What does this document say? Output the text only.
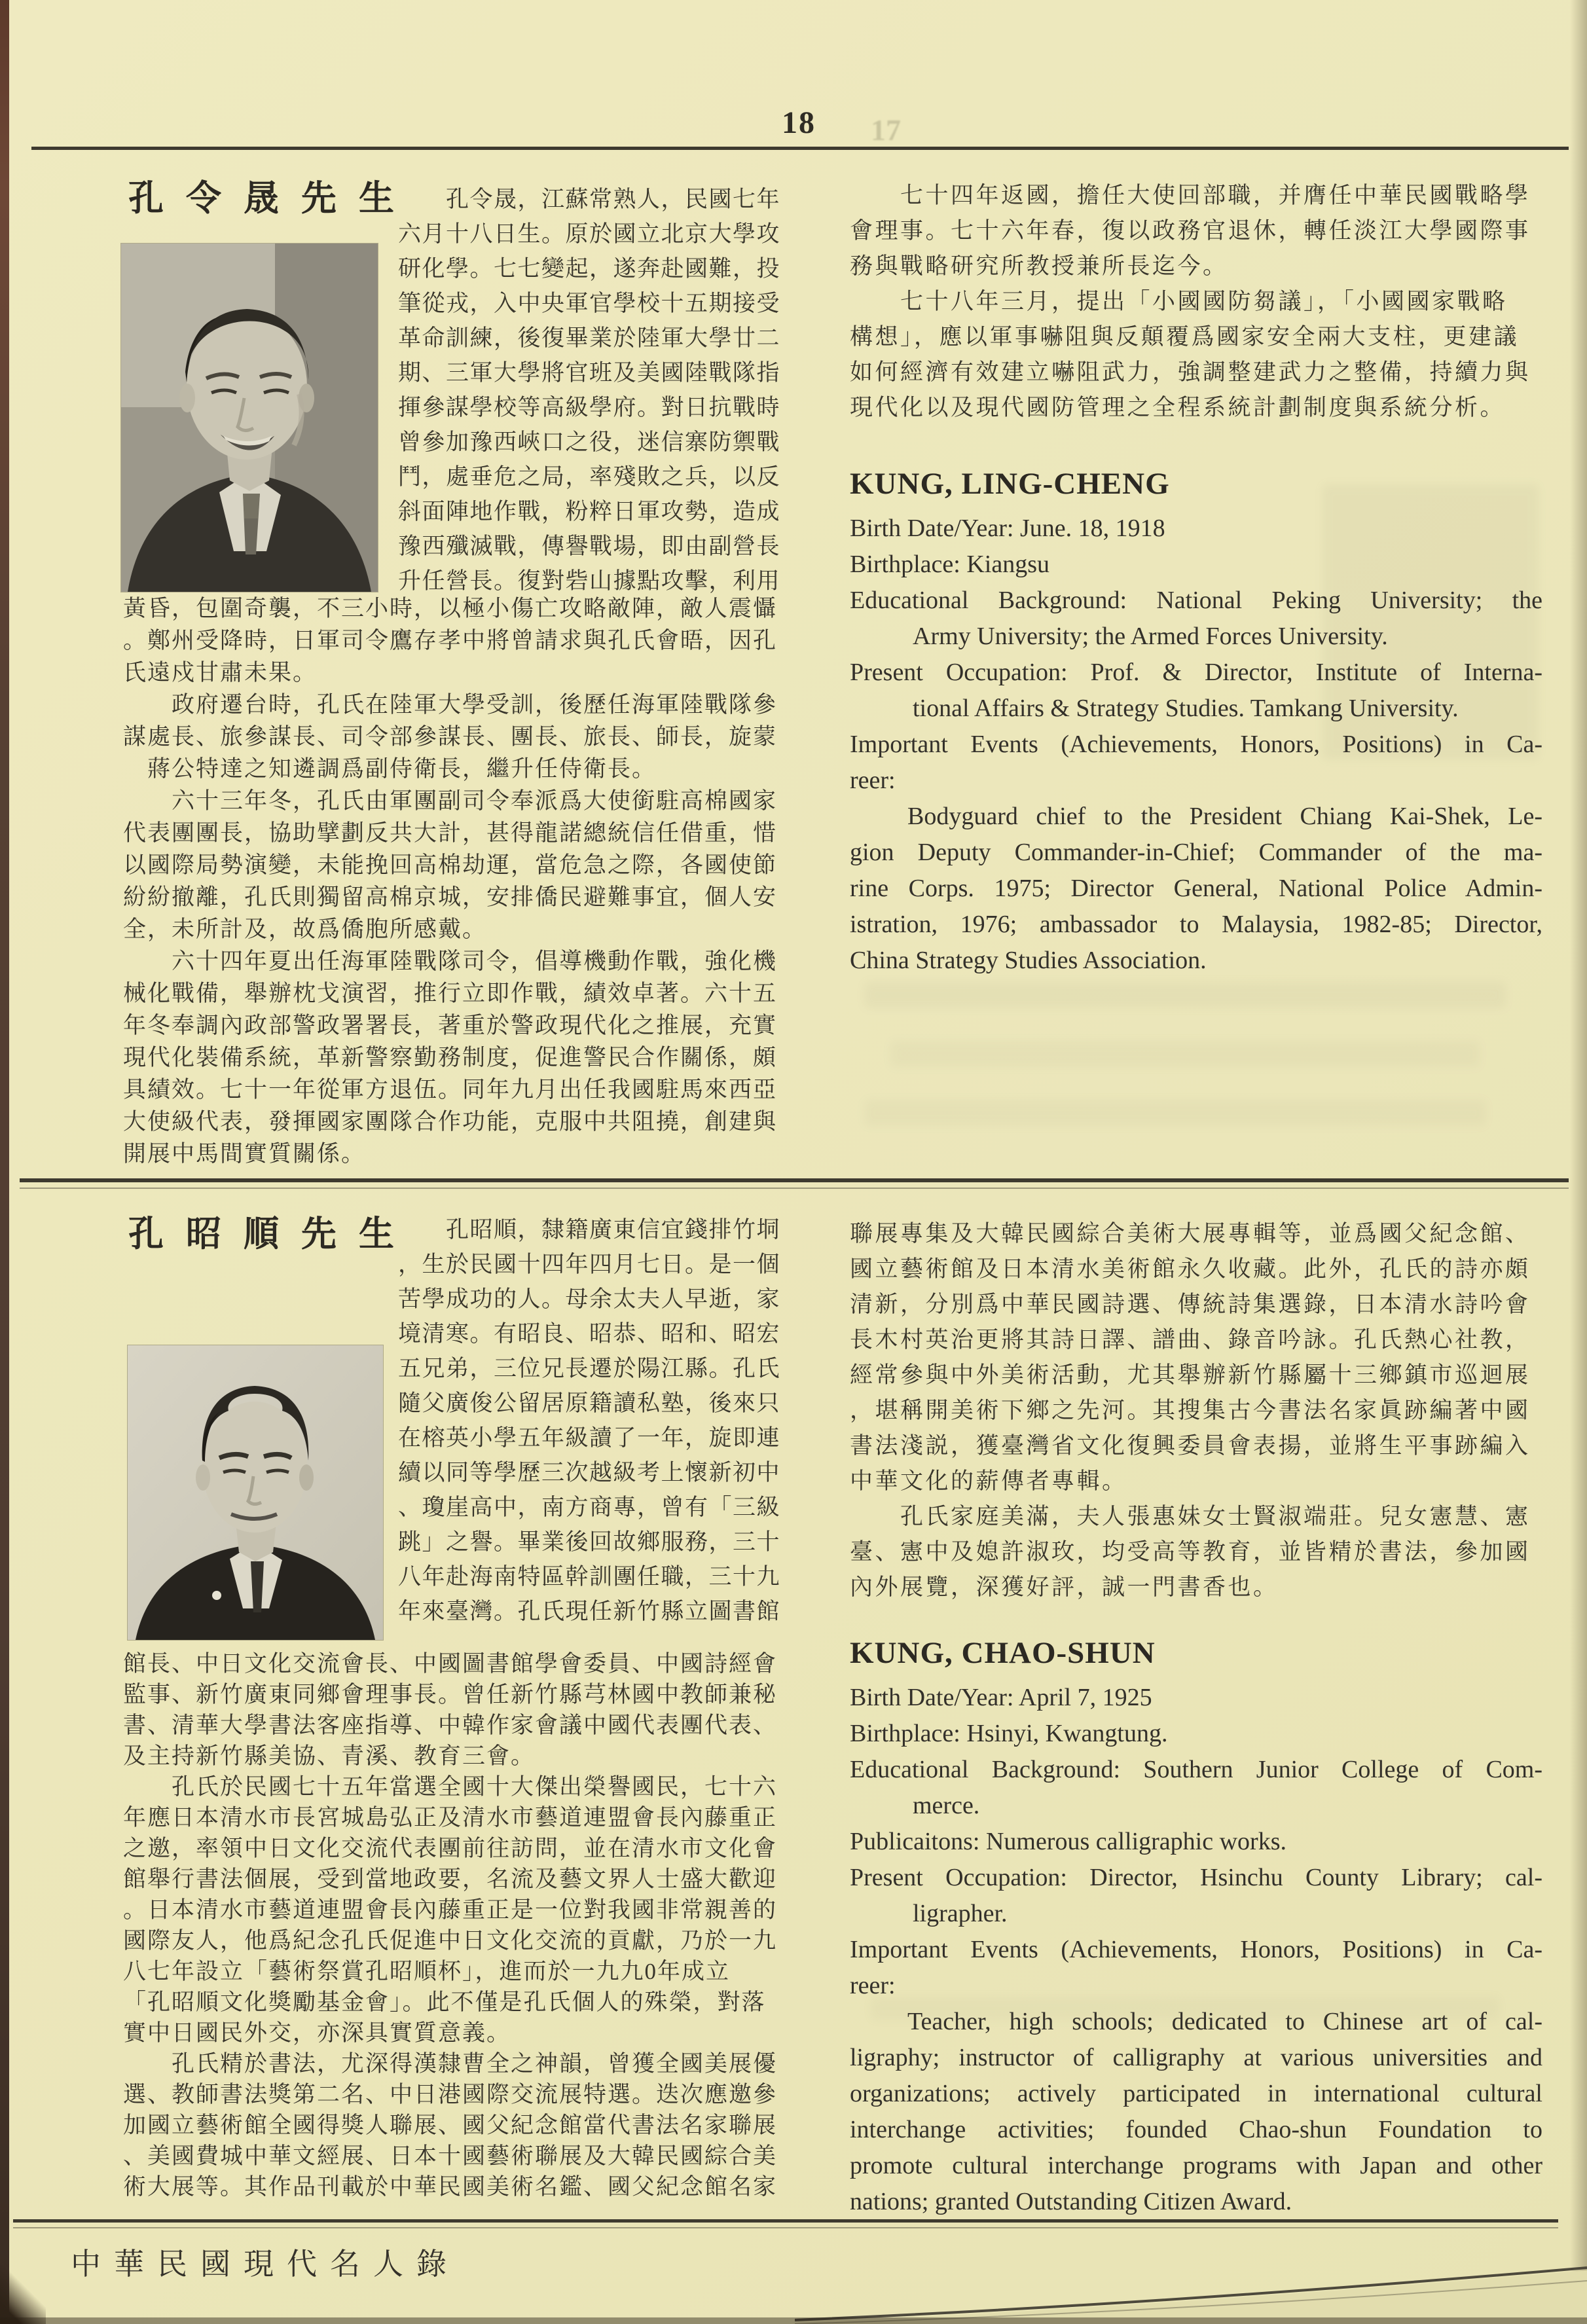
18	17
孔令晟先生
　　孔令晟，江蘇常熟人，民國七年
六月十八日生。原於國立北京大學攻
研化學。七七變起，遂奔赴國難，投
筆從戎，入中央軍官學校十五期接受
革命訓練，後復畢業於陸軍大學廿二
期、三軍大學將官班及美國陸戰隊指
揮參謀學校等高級學府。對日抗戰時
曾參加豫西峽口之役，迷信寨防禦戰
鬥，處垂危之局，率殘敗之兵，以反
斜面陣地作戰，粉粹日軍攻勢，造成
豫西殲滅戰，傳譽戰場，即由副營長
升任營長。復對砦山據點攻擊，利用
黃昏，包圍奇襲，不三小時，以極小傷亡攻略敵陣，敵人震懾
。鄭州受降時，日軍司令鷹存孝中將曾請求與孔氏會晤，因孔
氏遠戍甘肅未果。
　　政府遷台時，孔氏在陸軍大學受訓，後歷任海軍陸戰隊參
謀處長、旅參謀長、司令部參謀長、團長、旅長、師長，旋蒙
　蔣公特達之知遴調爲副侍衛長，繼升任侍衛長。
　　六十三年冬，孔氏由軍團副司令奉派爲大使銜駐高棉國家
代表團團長，協助擘劃反共大計，甚得龍諾總統信任借重，惜
以國際局勢演變，未能挽回高棉劫運，當危急之際，各國使節
紛紛撤離，孔氏則獨留高棉京城，安排僑民避難事宜，個人安
全，未所計及，故爲僑胞所感戴。
　　六十四年夏出任海軍陸戰隊司令，倡導機動作戰，強化機
械化戰備，舉辦枕戈演習，推行立即作戰，績效卓著。六十五
年冬奉調內政部警政署署長，著重於警政現代化之推展，充實
現代化裝備系統，革新警察勤務制度，促進警民合作關係，頗
具績效。七十一年從軍方退伍。同年九月出任我國駐馬來西亞
大使級代表，發揮國家團隊合作功能，克服中共阻撓，創建與
開展中馬間實質關係。
　　七十四年返國，擔任大使回部職，并膺任中華民國戰略學
會理事。七十六年春，復以政務官退休，轉任淡江大學國際事
務與戰略研究所教授兼所長迄今。
　　七十八年三月，提出「小國國防芻議」，「小國國家戰略
構想」，應以軍事嚇阻與反顛覆爲國家安全兩大支柱，更建議
如何經濟有效建立嚇阻武力，強調整建武力之整備，持續力與
現代化以及現代國防管理之全程系統計劃制度與系統分析。
KUNG, LING-CHENG
Birth Date/Year: June. 18, 1918
Birthplace: Kiangsu
Educational Background: National Peking University; the
Army University; the Armed Forces University.
Present Occupation: Prof. & Director, Institute of Interna-
tional Affairs & Strategy Studies. Tamkang University.
Important Events (Achievements, Honors, Positions) in Ca-
reer:
Bodyguard chief to the President Chiang Kai-Shek, Le-
gion Deputy Commander-in-Chief; Commander of the ma-
rine Corps. 1975; Director General, National Police Admin-
istration, 1976; ambassador to Malaysia, 1982-85; Director,
China Strategy Studies Association.
孔昭順先生
　　孔昭順，隸籍廣東信宜錢排竹垌
，生於民國十四年四月七日。是一個
苦學成功的人。母余太夫人早逝，家
境清寒。有昭良、昭恭、昭和、昭宏
五兄弟，三位兄長遷於陽江縣。孔氏
隨父廣俊公留居原籍讀私塾，後來只
在榕英小學五年級讀了一年，旋即連
續以同等學歷三次越級考上懷新初中
、瓊崖高中，南方商專，曾有「三級
跳」之譽。畢業後回故鄉服務，三十
八年赴海南特區幹訓團任職，三十九
年來臺灣。孔氏現任新竹縣立圖書館
館長、中日文化交流會長、中國圖書館學會委員、中國詩經會
監事、新竹廣東同鄉會理事長。曾任新竹縣芎林國中教師兼秘
書、清華大學書法客座指導、中韓作家會議中國代表團代表、
及主持新竹縣美協、青溪、教育三會。
　　孔氏於民國七十五年當選全國十大傑出榮譽國民，七十六
年應日本清水市長宮城島弘正及清水市藝道連盟會長內藤重正
之邀，率領中日文化交流代表團前往訪問，並在清水市文化會
館舉行書法個展，受到當地政要，名流及藝文界人士盛大歡迎
。日本清水市藝道連盟會長內藤重正是一位對我國非常親善的
國際友人，他爲紀念孔氏促進中日文化交流的貢獻，乃於一九
八七年設立「藝術祭賞孔昭順杯」，進而於一九九0年成立
「孔昭順文化獎勵基金會」。此不僅是孔氏個人的殊榮，對落
實中日國民外交，亦深具實質意義。
　　孔氏精於書法，尤深得漢隸曹全之神韻，曾獲全國美展優
選、教師書法獎第二名、中日港國際交流展特選。迭次應邀參
加國立藝術館全國得獎人聯展、國父紀念館當代書法名家聯展
、美國費城中華文經展、日本十國藝術聯展及大韓民國綜合美
術大展等。其作品刊載於中華民國美術名鑑、國父紀念館名家
聯展專集及大韓民國綜合美術大展專輯等，並爲國父紀念館、
國立藝術館及日本清水美術館永久收藏。此外，孔氏的詩亦頗
清新，分別爲中華民國詩選、傳統詩集選錄，日本清水詩吟會
長木村英治更將其詩日譯、譜曲、錄音吟詠。孔氏熱心社教，
經常參與中外美術活動，尤其舉辦新竹縣屬十三鄉鎮市巡迴展
，堪稱開美術下鄉之先河。其搜集古今書法名家眞跡編著中國
書法淺説，獲臺灣省文化復興委員會表揚，並將生平事跡編入
中華文化的薪傳者專輯。
　　孔氏家庭美滿，夫人張惠妹女士賢淑端莊。兒女憲慧、憲
臺、憲中及媳許淑玫，均受高等教育，並皆精於書法，參加國
內外展覽，深獲好評，誠一門書香也。
KUNG, CHAO-SHUN
Birth Date/Year: April 7, 1925
Birthplace: Hsinyi, Kwangtung.
Educational Background: Southern Junior College of Com-
merce.
Publicaitons: Numerous calligraphic works.
Present Occupation: Director, Hsinchu County Library; cal-
ligrapher.
Important Events (Achievements, Honors, Positions) in Ca-
reer:
Teacher, high schools; dedicated to Chinese art of cal-
ligraphy; instructor of calligraphy at various universities and
organizations; actively participated in international cultural
interchange activities; founded Chao-shun Foundation to
promote cultural interchange programs with Japan and other
nations; granted Outstanding Citizen Award.
中華民國現代名人錄
